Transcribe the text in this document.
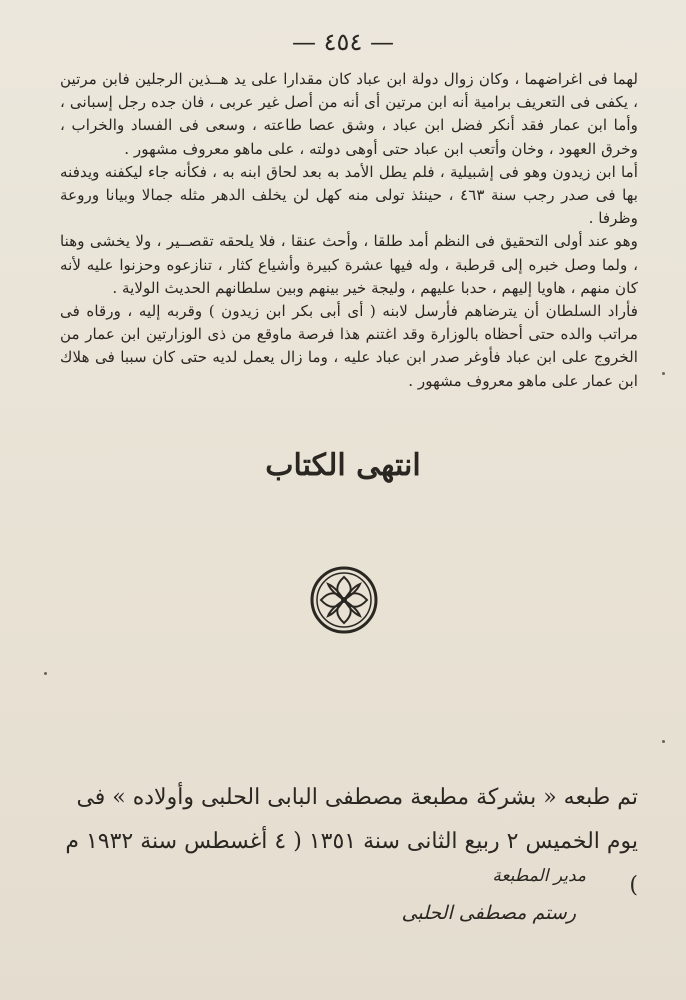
— ٤٥٤ —

لهما فى اغراضهما ، وكان زوال دولة ابن عباد كان مقدارا على يد هــذين الرجلين فابن مرتين ، يكفى فى التعريف برامية أنه ابن مرتين أى أنه من أصل غير عربى ، فان جده رجل إسبانى ، وأما ابن عمار فقد أنكر فضل ابن عباد ، وشق عصا طاعته ، وسعى فى الفساد والخراب ، وخرق العهود ، وخان وأتعب ابن عباد حتى أوهى دولته ، على ماهو معروف مشهور .

أما ابن زيدون وهو فى إشبيلية ، فلم يطل الأمد به بعد لحاق ابنه به ، فكأنه جاء ليكفنه ويدفنه بها فى صدر رجب سنة ٤٦٣ ، حينئذ تولى منه كهل لن يخلف الدهر مثله جمالا وبيانا وروعة وظرفا .

وهو عند أولى التحقيق فى النظم أمد طلقا ، وأحث عنقا ، فلا يلحقه تقصــير ، ولا يخشى وهنا ، ولما وصل خبره إلى قرطبة ، وله فيها عشرة كبيرة وأشياع كثار ، تنازعوه وحزنوا عليه لأنه كان منهم ، هاويا إليهم ، حدبا عليهم ، وليجة خير بينهم وبين سلطانهم الحديث الولاية .

فأراد السلطان أن يترضاهم فأرسل لابنه ( أى أبى بكر ابن زيدون ) وقربه إليه ، ورقاه فى مراتب والده حتى أحظاه بالوزارة وقد اغتنم هذا فرصة ماوقع من ذى الوزارتين ابن عمار من الخروج على ابن عباد فأوغر صدر ابن عباد عليه ، وما زال يعمل لديه حتى كان سببا فى هلاك ابن عمار على ماهو معروف مشهور .

انتهى الكتاب
تم طبعه « بشركة مطبعة مصطفى البابى الحلبى وأولاده » فى يوم الخميس ٢ ربيع الثانى سنة ١٣٥١ ( ٤ أغسطس سنة ١٩٣٢ م )
مدير المطبعة
رستم مصطفى الحلبى
